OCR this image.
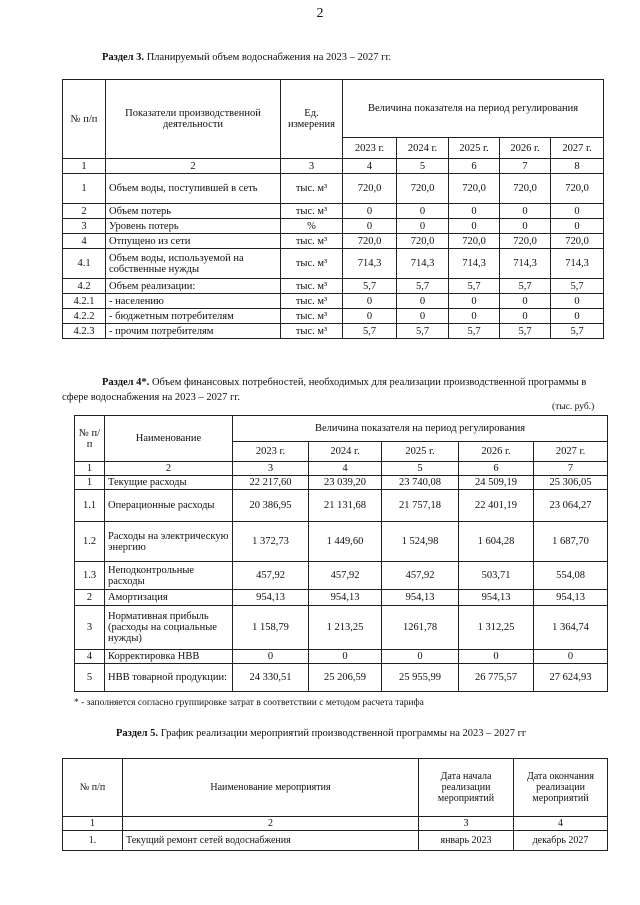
2
Раздел 3. Планируемый объем водоснабжения на 2023 – 2027 гг.
№ п/п	Показатели производственной деятельности	Ед. измерения	Величина показателя на период регулирования				
			2023 г.	2024 г.	2025 г.	2026 г.	2027 г.
1	2	3	4	5	6	7	8
1	Объем воды, поступившей в сеть	тыс. м³	720,0	720,0	720,0	720,0	720,0
2	Объем потерь	тыс. м³	0	0	0	0	0
3	Уровень потерь	%	0	0	0	0	0
4	Отпущено из сети	тыс. м³	720,0	720,0	720,0	720,0	720,0
4.1	Объем воды, используемой на собственные нужды	тыс. м³	714,3	714,3	714,3	714,3	714,3
4.2	Объем реализации:	тыс. м³	5,7	5,7	5,7	5,7	5,7
4.2.1	- населению	тыс. м³	0	0	0	0	0
4.2.2	- бюджетным потребителям	тыс. м³	0	0	0	0	0
4.2.3	- прочим потребителям	тыс. м³	5,7	5,7	5,7	5,7	5,7
Раздел 4*. Объем финансовых потребностей, необходимых для реализации производственной программы в сфере водоснабжения на 2023 – 2027 гг.
(тыс. руб.)
№ п/п	Наименование	Величина показателя на период регулирования				
		2023 г.	2024 г.	2025 г.	2026 г.	2027 г.
1	2	3	4	5	6	7
1	Текущие расходы	22 217,60	23 039,20	23 740,08	24 509,19	25 306,05
1.1	Операционные расходы	20 386,95	21 131,68	21 757,18	22 401,19	23 064,27
1.2	Расходы на электрическую энергию	1 372,73	1 449,60	1 524,98	1 604,28	1 687,70
1.3	Неподконтрольные расходы	457,92	457,92	457,92	503,71	554,08
2	Амортизация	954,13	954,13	954,13	954,13	954,13
3	Нормативная прибыль (расходы на социальные нужды)	1 158,79	1 213,25	1261,78	1 312,25	1 364,74
4	Корректировка НВВ	0	0	0	0	0
5	НВВ товарной продукции:	24 330,51	25 206,59	25 955,99	26 775,57	27 624,93
* - заполняется согласно группировке затрат в соответствии с методом расчета тарифа
Раздел 5. График реализации мероприятий производственной программы на 2023 – 2027 гг
№ п/п	Наименование мероприятия	Дата начала реализации мероприятий	Дата окончания реализации мероприятий
1	2	3	4
1.	Текущий ремонт сетей водоснабжения	январь 2023	декабрь 2027
